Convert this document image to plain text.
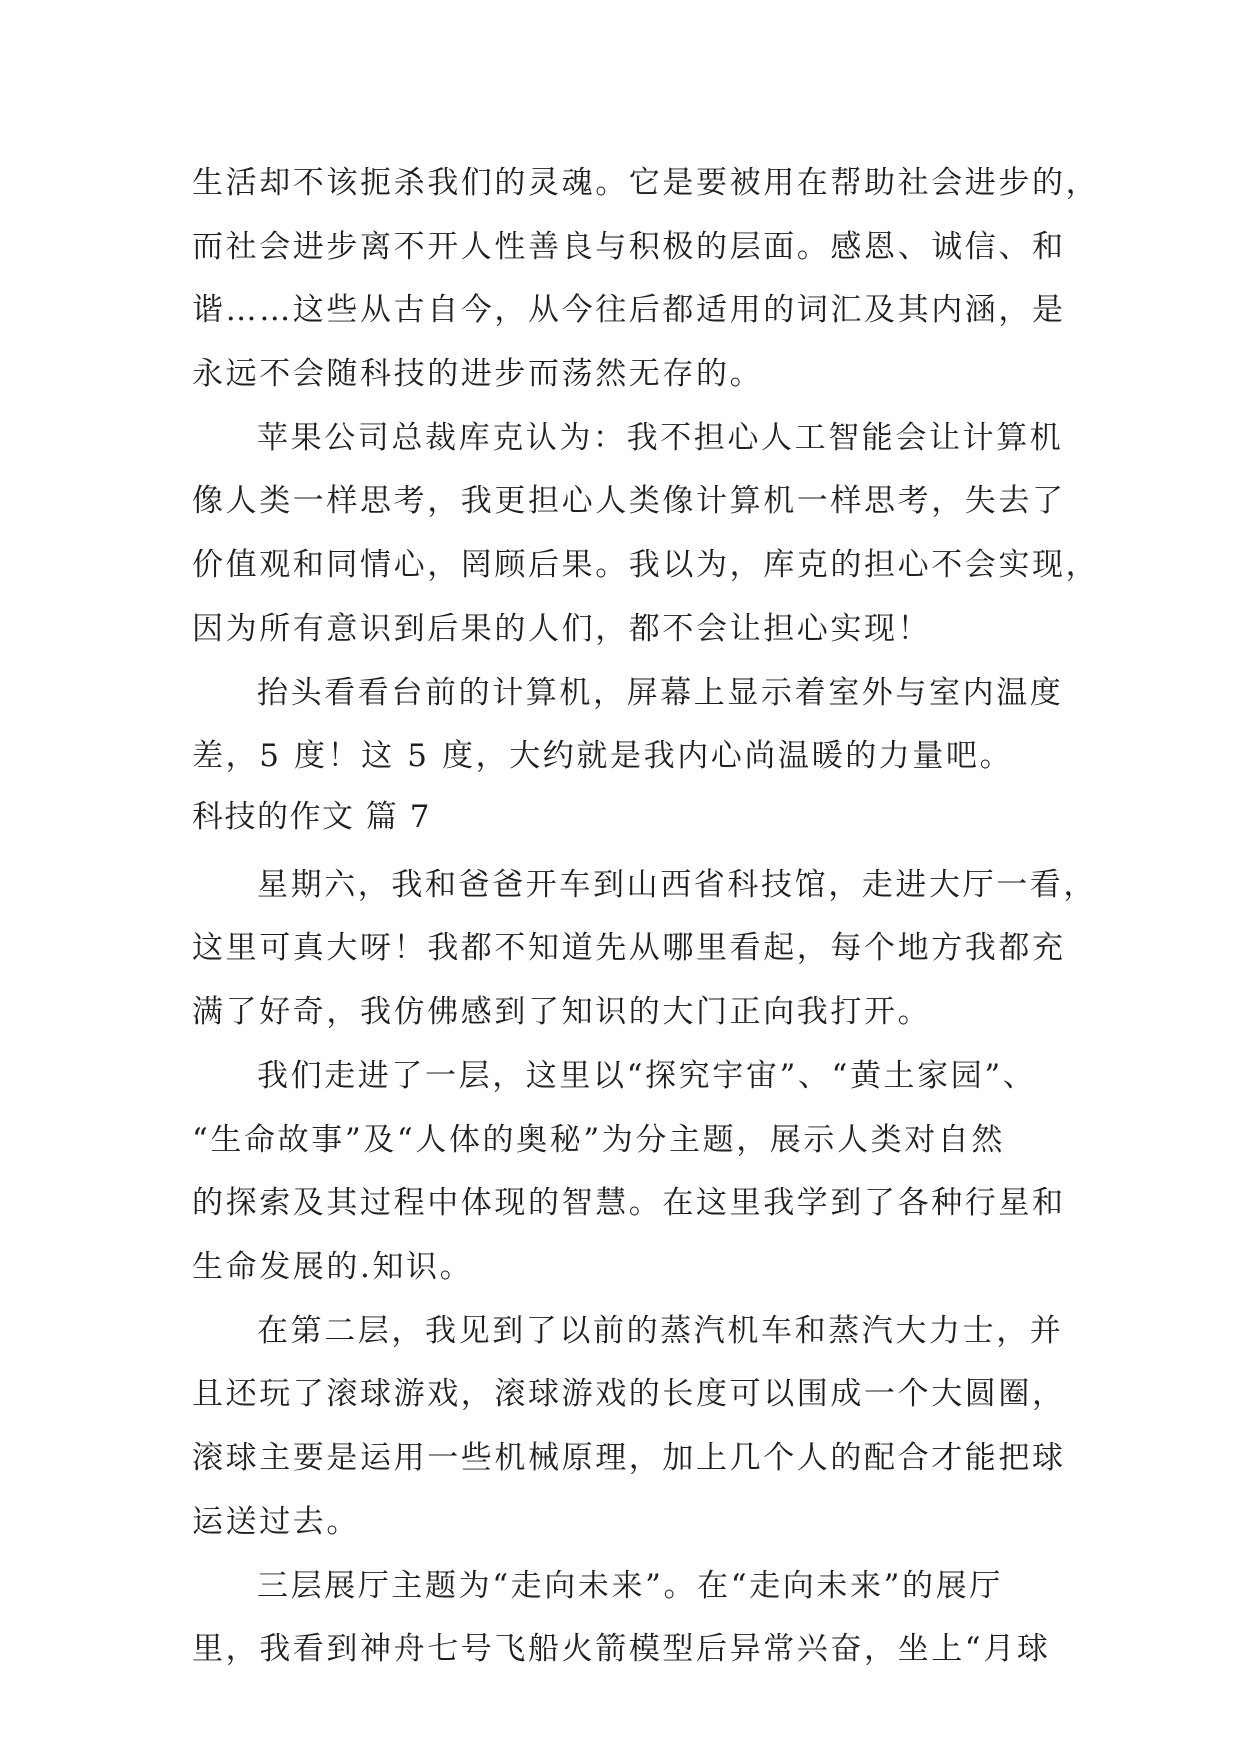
生活却不该扼杀我们的灵魂。它是要被用在帮助社会进步的，
而社会进步离不开人性善良与积极的层面。感恩、诚信、和
谐……这些从古自今，从今往后都适用的词汇及其内涵，是
永远不会随科技的进步而荡然无存的。
苹果公司总裁库克认为：我不担心人工智能会让计算机
像人类一样思考，我更担心人类像计算机一样思考，失去了
价值观和同情心，罔顾后果。我以为，库克的担心不会实现，
因为所有意识到后果的人们，都不会让担心实现！
抬头看看台前的计算机，屏幕上显示着室外与室内温度
差，5 度！这 5 度，大约就是我内心尚温暖的力量吧。
科技的作文 篇 7
星期六，我和爸爸开车到山西省科技馆，走进大厅一看，
这里可真大呀！我都不知道先从哪里看起，每个地方我都充
满了好奇，我仿佛感到了知识的大门正向我打开。
我们走进了一层，这里以“探究宇宙”、“黄土家园”、
“生命故事”及“人体的奥秘”为分主题，展示人类对自然
的探索及其过程中体现的智慧。在这里我学到了各种行星和
生命发展的.知识。
在第二层，我见到了以前的蒸汽机车和蒸汽大力士，并
且还玩了滚球游戏，滚球游戏的长度可以围成一个大圆圈，
滚球主要是运用一些机械原理，加上几个人的配合才能把球
运送过去。
三层展厅主题为“走向未来”。在“走向未来”的展厅
里，我看到神舟七号飞船火箭模型后异常兴奋，坐上“月球
